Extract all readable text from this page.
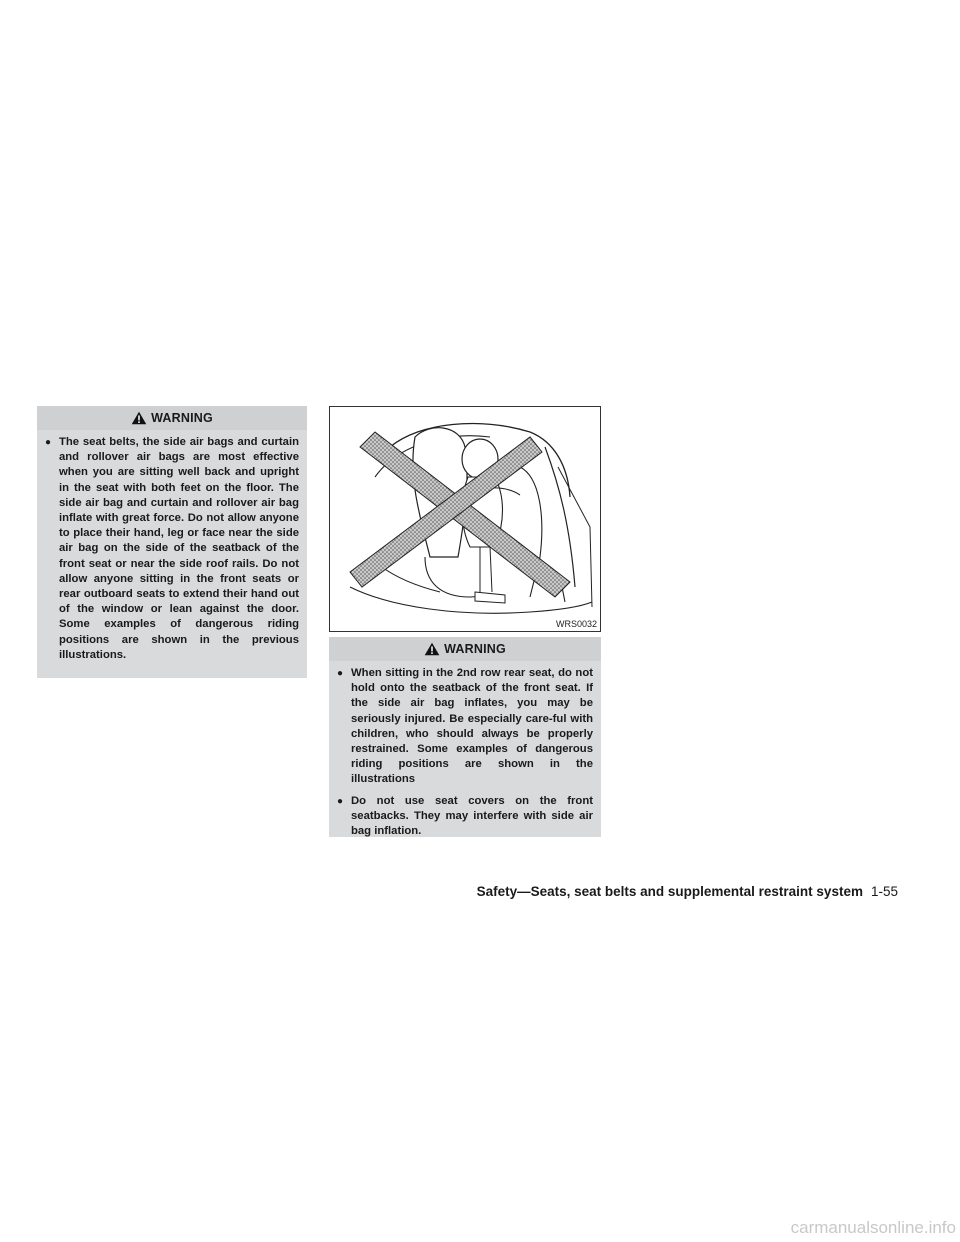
WARNING
● The seat belts, the side air bags and curtain and rollover air bags are most effective when you are sitting well back and upright in the seat with both feet on the floor. The side air bag and curtain and rollover air bag inflate with great force. Do not allow anyone to place their hand, leg or face near the side air bag on the side of the seatback of the front seat or near the side roof rails. Do not allow anyone sitting in the front seats or rear outboard seats to extend their hand out of the window or lean against the door. Some examples of dangerous riding positions are shown in the previous illustrations.
WRS0032
WARNING
● When sitting in the 2nd row rear seat, do not hold onto the seatback of the front seat. If the side air bag inflates, you may be seriously injured. Be especially care-ful with children, who should always be properly restrained. Some examples of dangerous riding positions are shown in the illustrations
● Do not use seat covers on the front seatbacks. They may interfere with side air bag inflation.
Safety—Seats, seat belts and supplemental restraint system 1-55
carmanualsonline.info
